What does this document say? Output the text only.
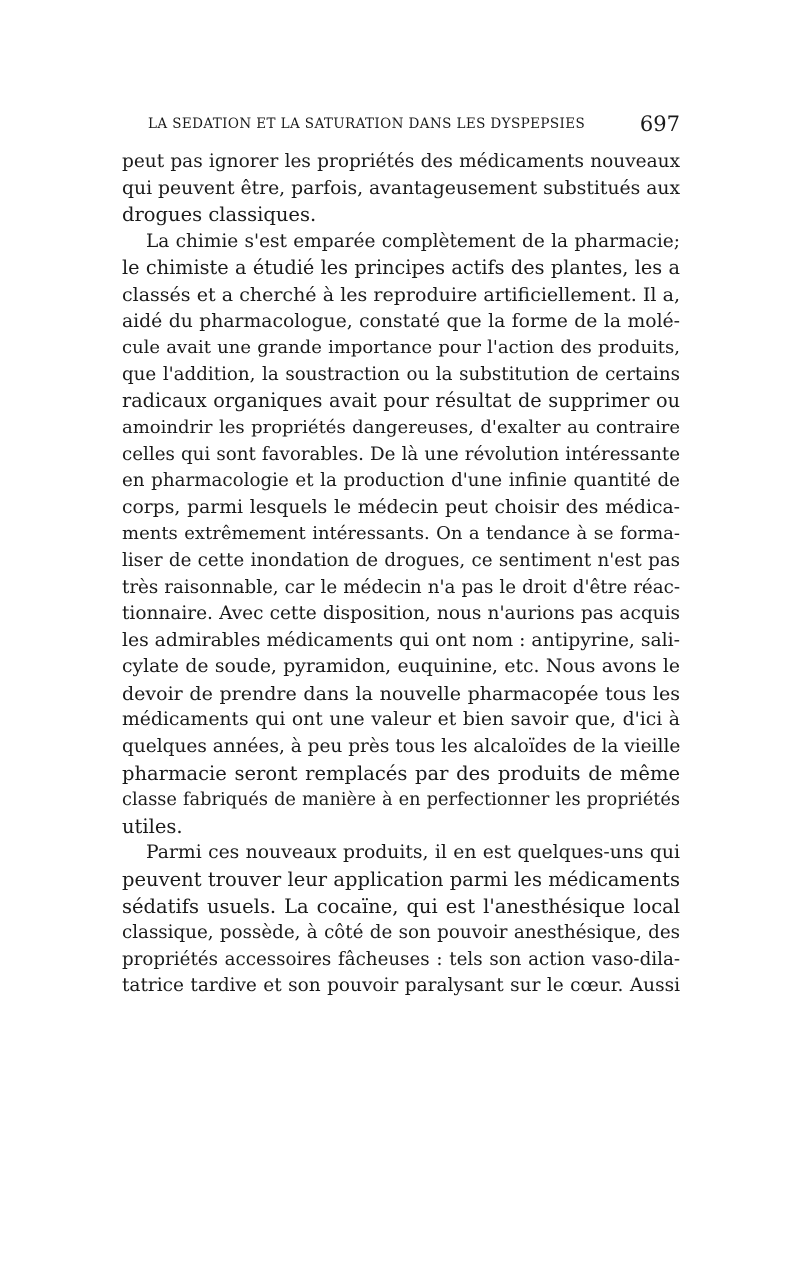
LA SEDATION ET LA SATURATION DANS LES DYSPEPSIES	697
peut pas ignorer les propriétés des médicaments nouveaux
qui peuvent être, parfois, avantageusement substitués aux
drogues classiques.
La chimie s'est emparée complètement de la pharmacie;
le chimiste a étudié les principes actifs des plantes, les a
classés et a cherché à les reproduire artificiellement. Il a,
aidé du pharmacologue, constaté que la forme de la molé-
cule avait une grande importance pour l'action des produits,
que l'addition, la soustraction ou la substitution de certains
radicaux organiques avait pour résultat de supprimer ou
amoindrir les propriétés dangereuses, d'exalter au contraire
celles qui sont favorables. De là une révolution intéressante
en pharmacologie et la production d'une infinie quantité de
corps, parmi lesquels le médecin peut choisir des médica-
ments extrêmement intéressants. On a tendance à se forma-
liser de cette inondation de drogues, ce sentiment n'est pas
très raisonnable, car le médecin n'a pas le droit d'être réac-
tionnaire. Avec cette disposition, nous n'aurions pas acquis
les admirables médicaments qui ont nom : antipyrine, sali-
cylate de soude, pyramidon, euquinine, etc. Nous avons le
devoir de prendre dans la nouvelle pharmacopée tous les
médicaments qui ont une valeur et bien savoir que, d'ici à
quelques années, à peu près tous les alcaloïdes de la vieille
pharmacie seront remplacés par des produits de même
classe fabriqués de manière à en perfectionner les propriétés
utiles.
Parmi ces nouveaux produits, il en est quelques-uns qui
peuvent trouver leur application parmi les médicaments
sédatifs usuels. La cocaïne, qui est l'anesthésique local
classique, possède, à côté de son pouvoir anesthésique, des
propriétés accessoires fâcheuses : tels son action vaso-dila-
tatrice tardive et son pouvoir paralysant sur le cœur. Aussi
